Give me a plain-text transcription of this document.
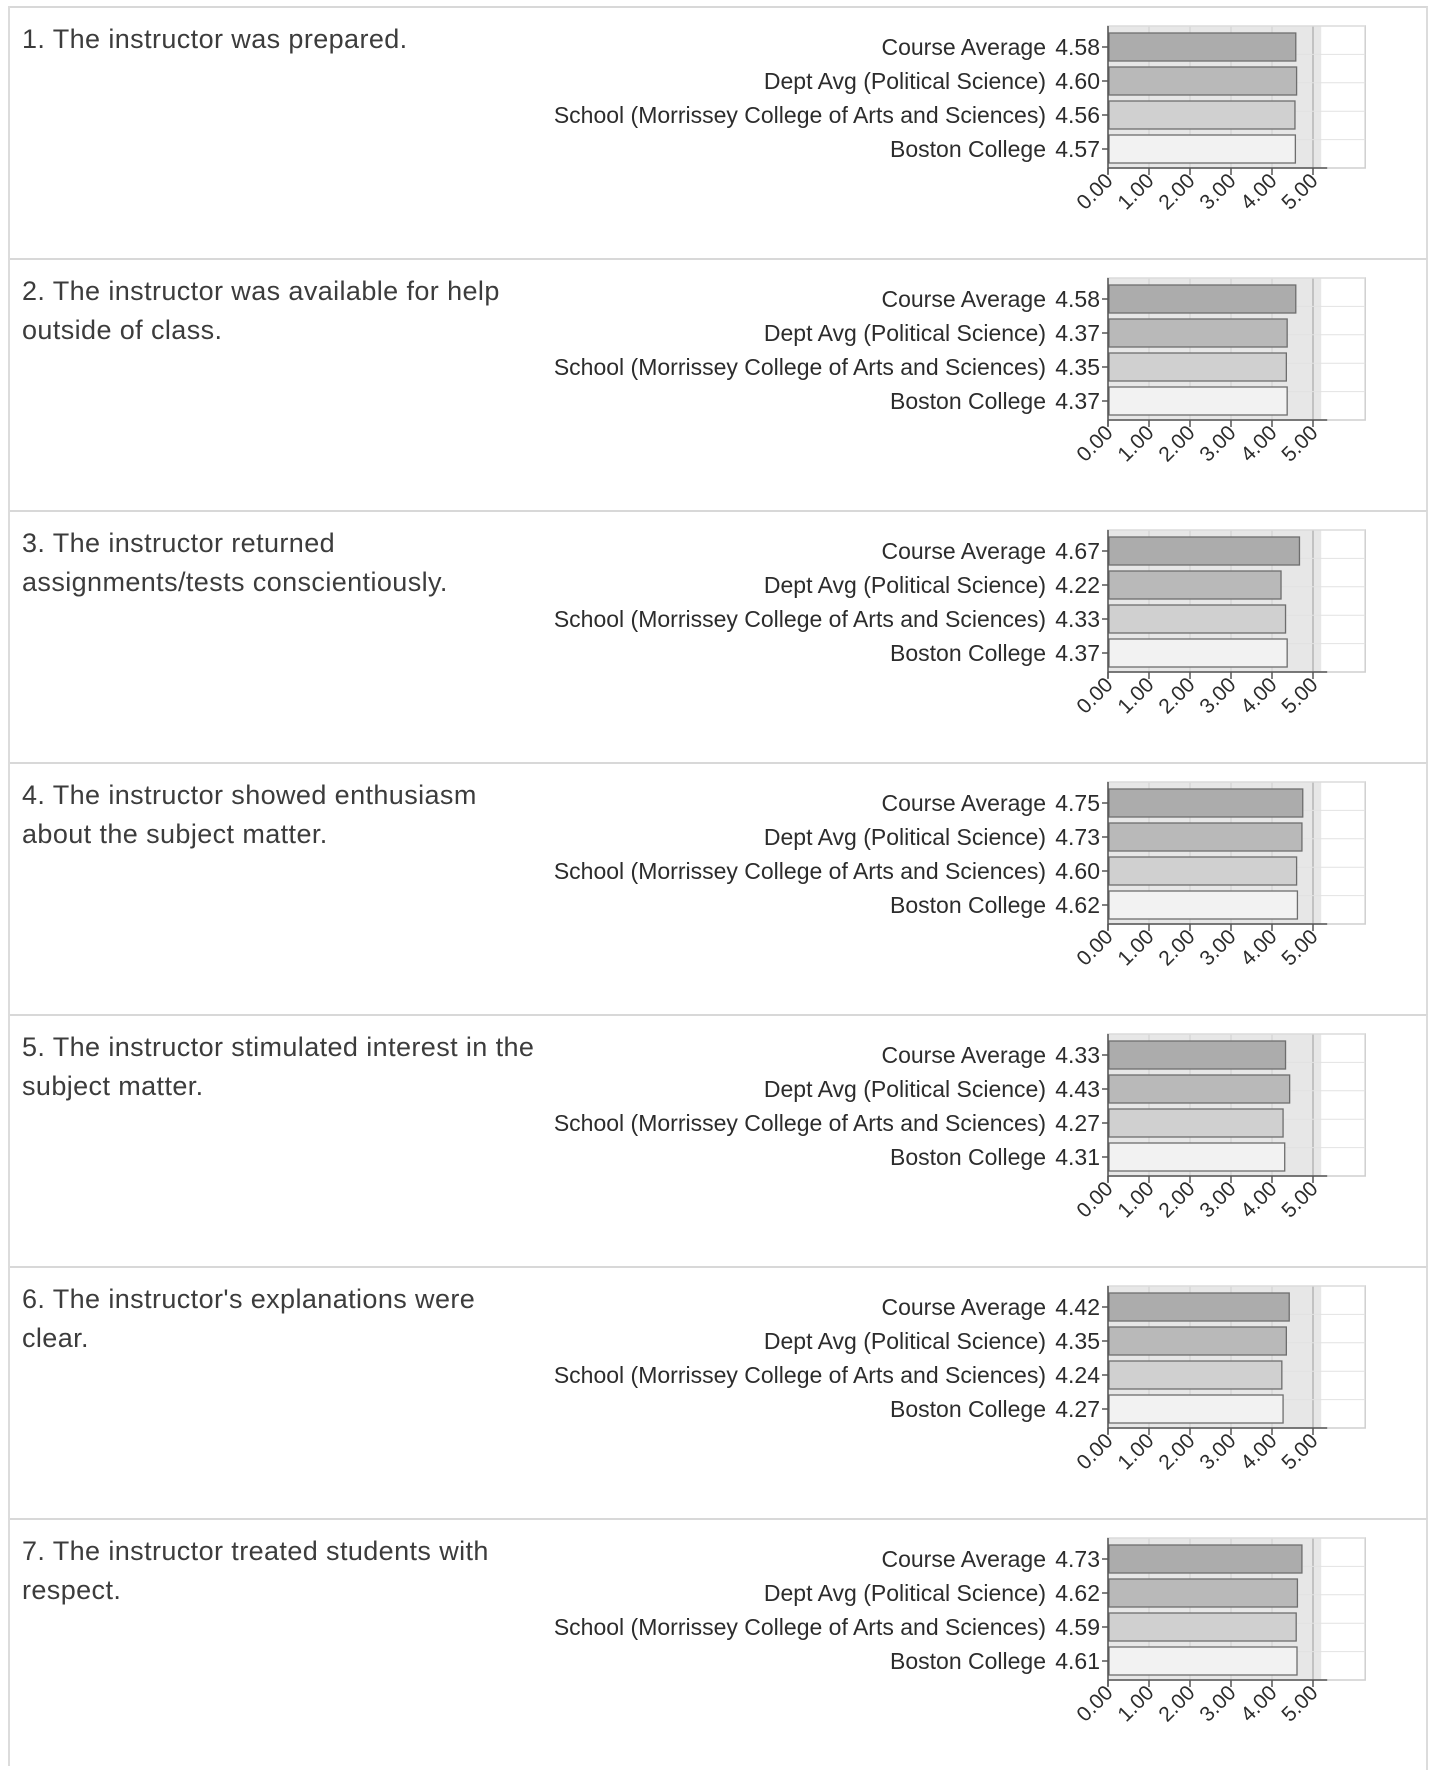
1. The instructor was prepared.	4.58
Course Average
4.60
Dept Avg (Political Science)
4.56
School (Morrissey College of Arts and Sciences)
4.57
Boston College
0.00
1.00
2.00
3.00
4.00
5.00

2. The instructor was available for help outside of class.

4.58
Course Average
4.37
Dept Avg (Political Science)
4.35
School (Morrissey College of Arts and Sciences)
4.37
Boston College
0.00
1.00
2.00
3.00
4.00
5.00

3. The instructor returned assignments/tests conscientiously.

4.67
Course Average
4.22
Dept Avg (Political Science)
4.33
School (Morrissey College of Arts and Sciences)
4.37
Boston College
0.00
1.00
2.00
3.00
4.00
5.00

4. The instructor showed enthusiasm about the subject matter.

4.75
Course Average
4.73
Dept Avg (Political Science)
4.60
School (Morrissey College of Arts and Sciences)
4.62
Boston College
0.00
1.00
2.00
3.00
4.00
5.00

5. The instructor stimulated interest in the subject matter.

4.33
Course Average
4.43
Dept Avg (Political Science)
4.27
School (Morrissey College of Arts and Sciences)
4.31
Boston College
0.00
1.00
2.00
3.00
4.00
5.00

6. The instructor's explanations were clear.

4.42
Course Average
4.35
Dept Avg (Political Science)
4.24
School (Morrissey College of Arts and Sciences)
4.27
Boston College
0.00
1.00
2.00
3.00
4.00
5.00

7. The instructor treated students with respect.

4.73
Course Average
4.62
Dept Avg (Political Science)
4.59
School (Morrissey College of Arts and Sciences)
4.61
Boston College
0.00
1.00
2.00
3.00
4.00
5.00
